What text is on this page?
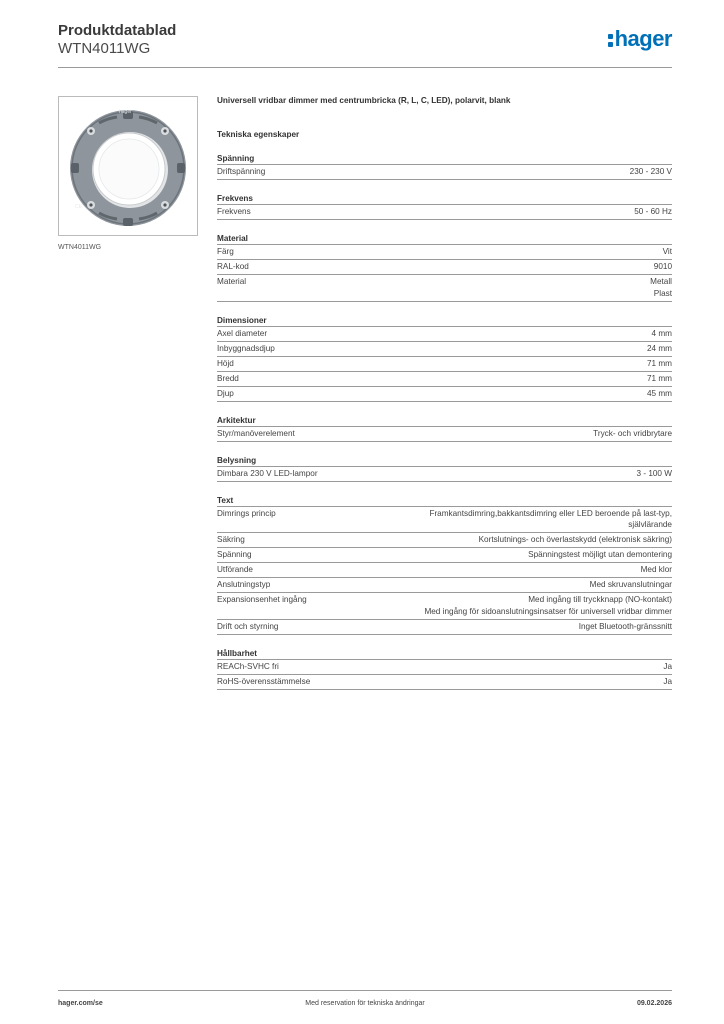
Produktdatablad
WTN4011WG	hager
hager
CE
WTN4011WG
Universell vridbar dimmer med centrumbricka (R, L, C, LED), polarvit, blank
Tekniska egenskaper
Spänning
Driftspänning	230 - 230 V
Frekvens
Frekvens	50 - 60 Hz
Material
Färg	Vit
RAL-kod	9010
Material	Metall
Plast
Dimensioner
Axel diameter	4 mm
Inbyggnadsdjup	24 mm
Höjd	71 mm
Bredd	71 mm
Djup	45 mm
Arkitektur
Styr/manöverelement	Tryck- och vridbrytare
Belysning
Dimbara 230 V LED-lampor	3 - 100 W
Text
Dimrings princip	Framkantsdimring,bakkantsdimring eller LED beroende på last-typ,
självlärande
Säkring	Kortslutnings- och överlastskydd (elektronisk säkring)
Spänning	Spänningstest möjligt utan demontering
Utförande	Med klor
Anslutningstyp	Med skruvanslutningar
Expansionsenhet ingång	Med ingång till tryckknapp (NO-kontakt)
Med ingång för sidoanslutningsinsatser för universell vridbar dimmer
Drift och styrning	Inget Bluetooth-gränssnitt
Hållbarhet
REACh-SVHC fri	Ja
RoHS-överensstämmelse	Ja
hager.com/se	Med reservation för tekniska ändringar	09.02.2026
